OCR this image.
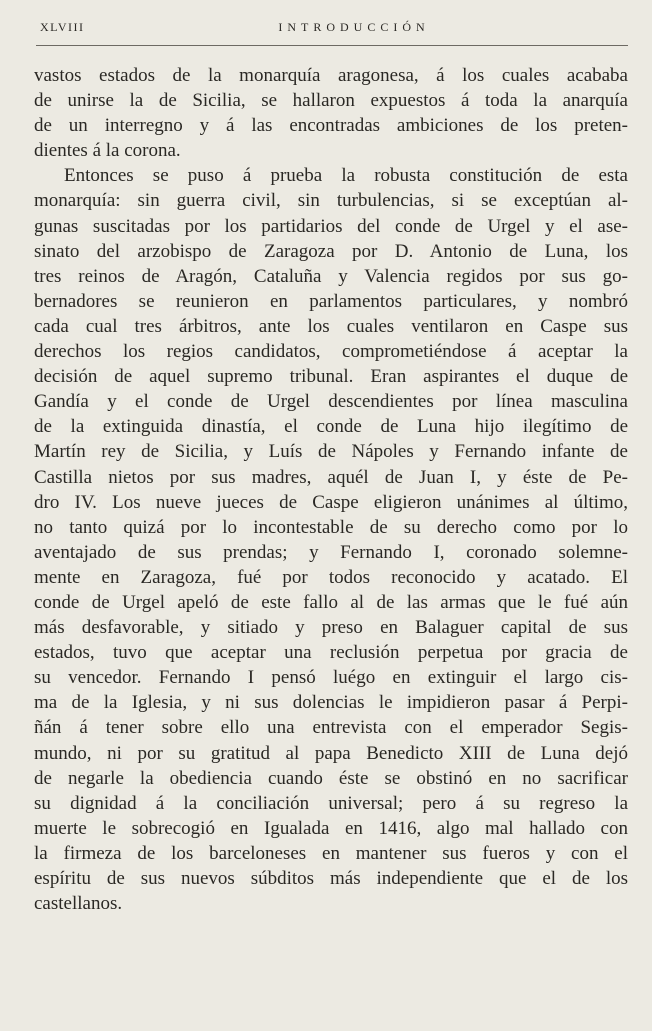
XLVIII	INTRODUCCIÓN
vastos estados de la monarquía aragonesa, á los cuales acababa
de unirse la de Sicilia, se hallaron expuestos á toda la anarquía
de un interregno y á las encontradas ambiciones de los preten-
dientes á la corona.
Entonces se puso á prueba la robusta constitución de esta
monarquía: sin guerra civil, sin turbulencias, si se exceptúan al-
gunas suscitadas por los partidarios del conde de Urgel y el ase-
sinato del arzobispo de Zaragoza por D. Antonio de Luna, los
tres reinos de Aragón, Cataluña y Valencia regidos por sus go-
bernadores se reunieron en parlamentos particulares, y nombró
cada cual tres árbitros, ante los cuales ventilaron en Caspe sus
derechos los regios candidatos, comprometiéndose á aceptar la
decisión de aquel supremo tribunal. Eran aspirantes el duque de
Gandía y el conde de Urgel descendientes por línea masculina
de la extinguida dinastía, el conde de Luna hijo ilegítimo de
Martín rey de Sicilia, y Luís de Nápoles y Fernando infante de
Castilla nietos por sus madres, aquél de Juan I, y éste de Pe-
dro IV. Los nueve jueces de Caspe eligieron unánimes al último,
no tanto quizá por lo incontestable de su derecho como por lo
aventajado de sus prendas; y Fernando I, coronado solemne-
mente en Zaragoza, fué por todos reconocido y acatado. El
conde de Urgel apeló de este fallo al de las armas que le fué aún
más desfavorable, y sitiado y preso en Balaguer capital de sus
estados, tuvo que aceptar una reclusión perpetua por gracia de
su vencedor. Fernando I pensó luégo en extinguir el largo cis-
ma de la Iglesia, y ni sus dolencias le impidieron pasar á Perpi-
ñán á tener sobre ello una entrevista con el emperador Segis-
mundo, ni por su gratitud al papa Benedicto XIII de Luna dejó
de negarle la obediencia cuando éste se obstinó en no sacrificar
su dignidad á la conciliación universal; pero á su regreso la
muerte le sobrecogió en Igualada en 1416, algo mal hallado con
la firmeza de los barceloneses en mantener sus fueros y con el
espíritu de sus nuevos súbditos más independiente que el de los
castellanos.
